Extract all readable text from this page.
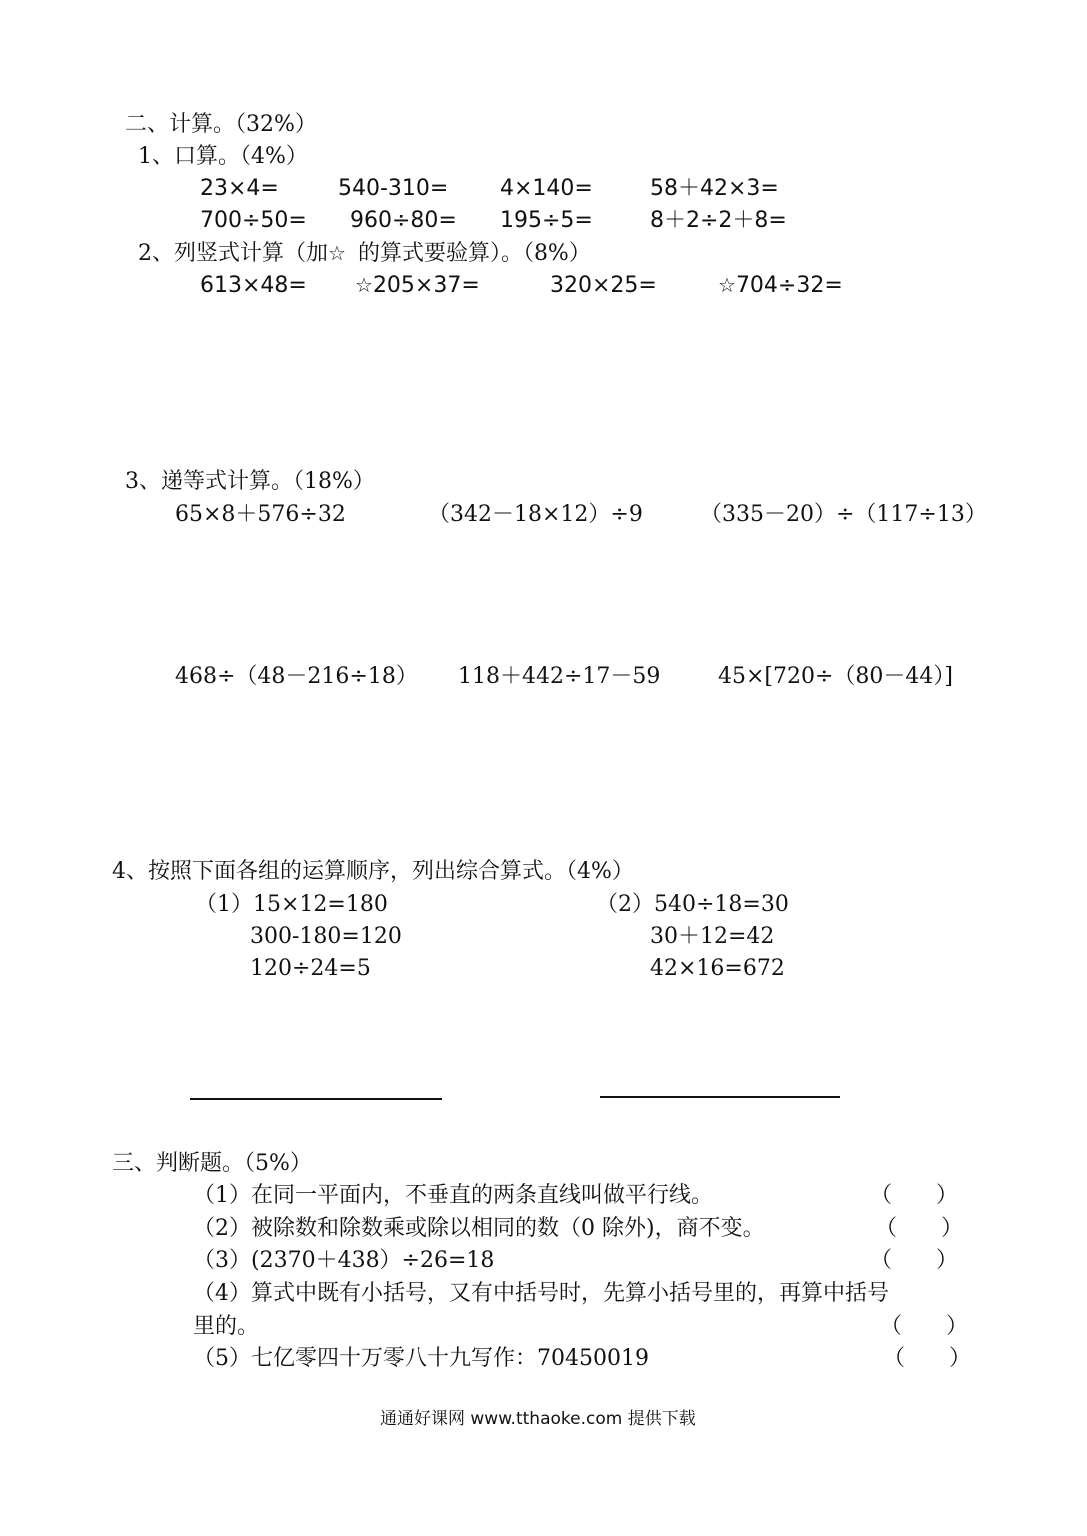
二、计算。（32%）
1、口算。（4%）
23×4=	540-310= 4×140=	58＋42×3=
700÷50= 960÷80= 195÷5=	8＋2÷2＋8=
2、列竖式计算（加☆ 的算式要验算）。（8%）
613×48= ☆205×37=	320×25=	☆704÷32=
3、递等式计算。（18%）
65×8＋576÷32	（342－18×12）÷9	（335－20）÷（117÷13）
468÷（48－216÷18） 118＋442÷17－59	45×[720÷（80－44）]
4、按照下面各组的运算顺序，列出综合算式。（4%）
（1）15×12=180
300-180=120
120÷24=5
（2）540÷18=30
30＋12=42
42×16=672
三、判断题。（5%）
（1）在同一平面内，不垂直的两条直线叫做平行线。	（　　）
（2）被除数和除数乘或除以相同的数（0 除外)，商不变。	（　　）
（3）(2370＋438）÷26=18	（　　）
（4）算式中既有小括号，又有中括号时，先算小括号里的，再算中括号
里的。	（　　）
（5）七亿零四十万零八十九写作：70450019	（　　）
通通好课网 www.tthaoke.com 提供下载
